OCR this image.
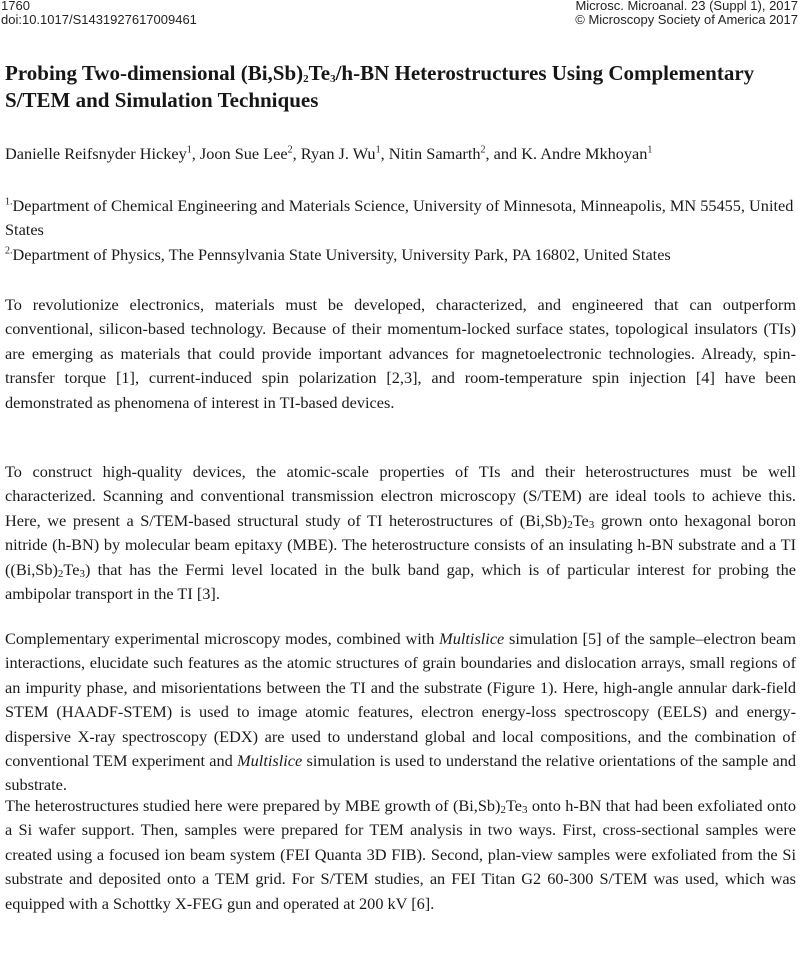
1760
doi:10.1017/S1431927617009461
Microsc. Microanal. 23 (Suppl 1), 2017
© Microscopy Society of America 2017
Probing Two-dimensional $(Bi,Sb)_2Te_3/h-BN$ Heterostructures Using Complementary S/TEM and Simulation Techniques
Danielle Reifsnyder Hickey$^1$, Joon Sue Lee$^2$, Ryan J. Wu$^1$, Nitin Samarth$^2$, and K. Andre Mkhoyan$^1$
$^{1.}$Department of Chemical Engineering and Materials Science, University of Minnesota, Minneapolis, MN 55455, United States
$^{2.}$Department of Physics, The Pennsylvania State University, University Park, PA 16802, United States

To revolutionize electronics, materials must be developed, characterized, and engineered that can outperform conventional, silicon-based technology. Because of their momentum-locked surface states, topological insulators (TIs) are emerging as materials that could provide important advances for magnetoelectronic technologies. Already, spin-transfer torque [1], current-induced spin polarization [2,3], and room-temperature spin injection [4] have been demonstrated as phenomena of interest in TI-based devices.

To construct high-quality devices, the atomic-scale properties of TIs and their heterostructures must be well characterized. Scanning and conventional transmission electron microscopy (S/TEM) are ideal tools to achieve this. Here, we present a S/TEM-based structural study of TI heterostructures of $(Bi,Sb)_2Te_3$ grown onto hexagonal boron nitride (h-BN) by molecular beam epitaxy (MBE). The heterostructure consists of an insulating h-BN substrate and a TI $((Bi,Sb)_2Te_3)$ that has the Fermi level located in the bulk band gap, which is of particular interest for probing the ambipolar transport in the TI [3].

Complementary experimental microscopy modes, combined with Multislice simulation [5] of the sample–electron beam interactions, elucidate such features as the atomic structures of grain boundaries and dislocation arrays, small regions of an impurity phase, and misorientations between the TI and the substrate (Figure 1). Here, high-angle annular dark-field STEM (HAADF-STEM) is used to image atomic features, electron energy-loss spectroscopy (EELS) and energy-dispersive X-ray spectroscopy (EDX) are used to understand global and local compositions, and the combination of conventional TEM experiment and Multislice simulation is used to understand the relative orientations of the sample and substrate.

The heterostructures studied here were prepared by MBE growth of $(Bi,Sb)_2Te_3$ onto h-BN that had been exfoliated onto a Si wafer support. Then, samples were prepared for TEM analysis in two ways. First, cross-sectional samples were created using a focused ion beam system (FEI Quanta 3D FIB). Second, plan-view samples were exfoliated from the Si substrate and deposited onto a TEM grid. For S/TEM studies, an FEI Titan G2 60-300 S/TEM was used, which was equipped with a Schottky X-FEG gun and operated at 200 kV [6].
